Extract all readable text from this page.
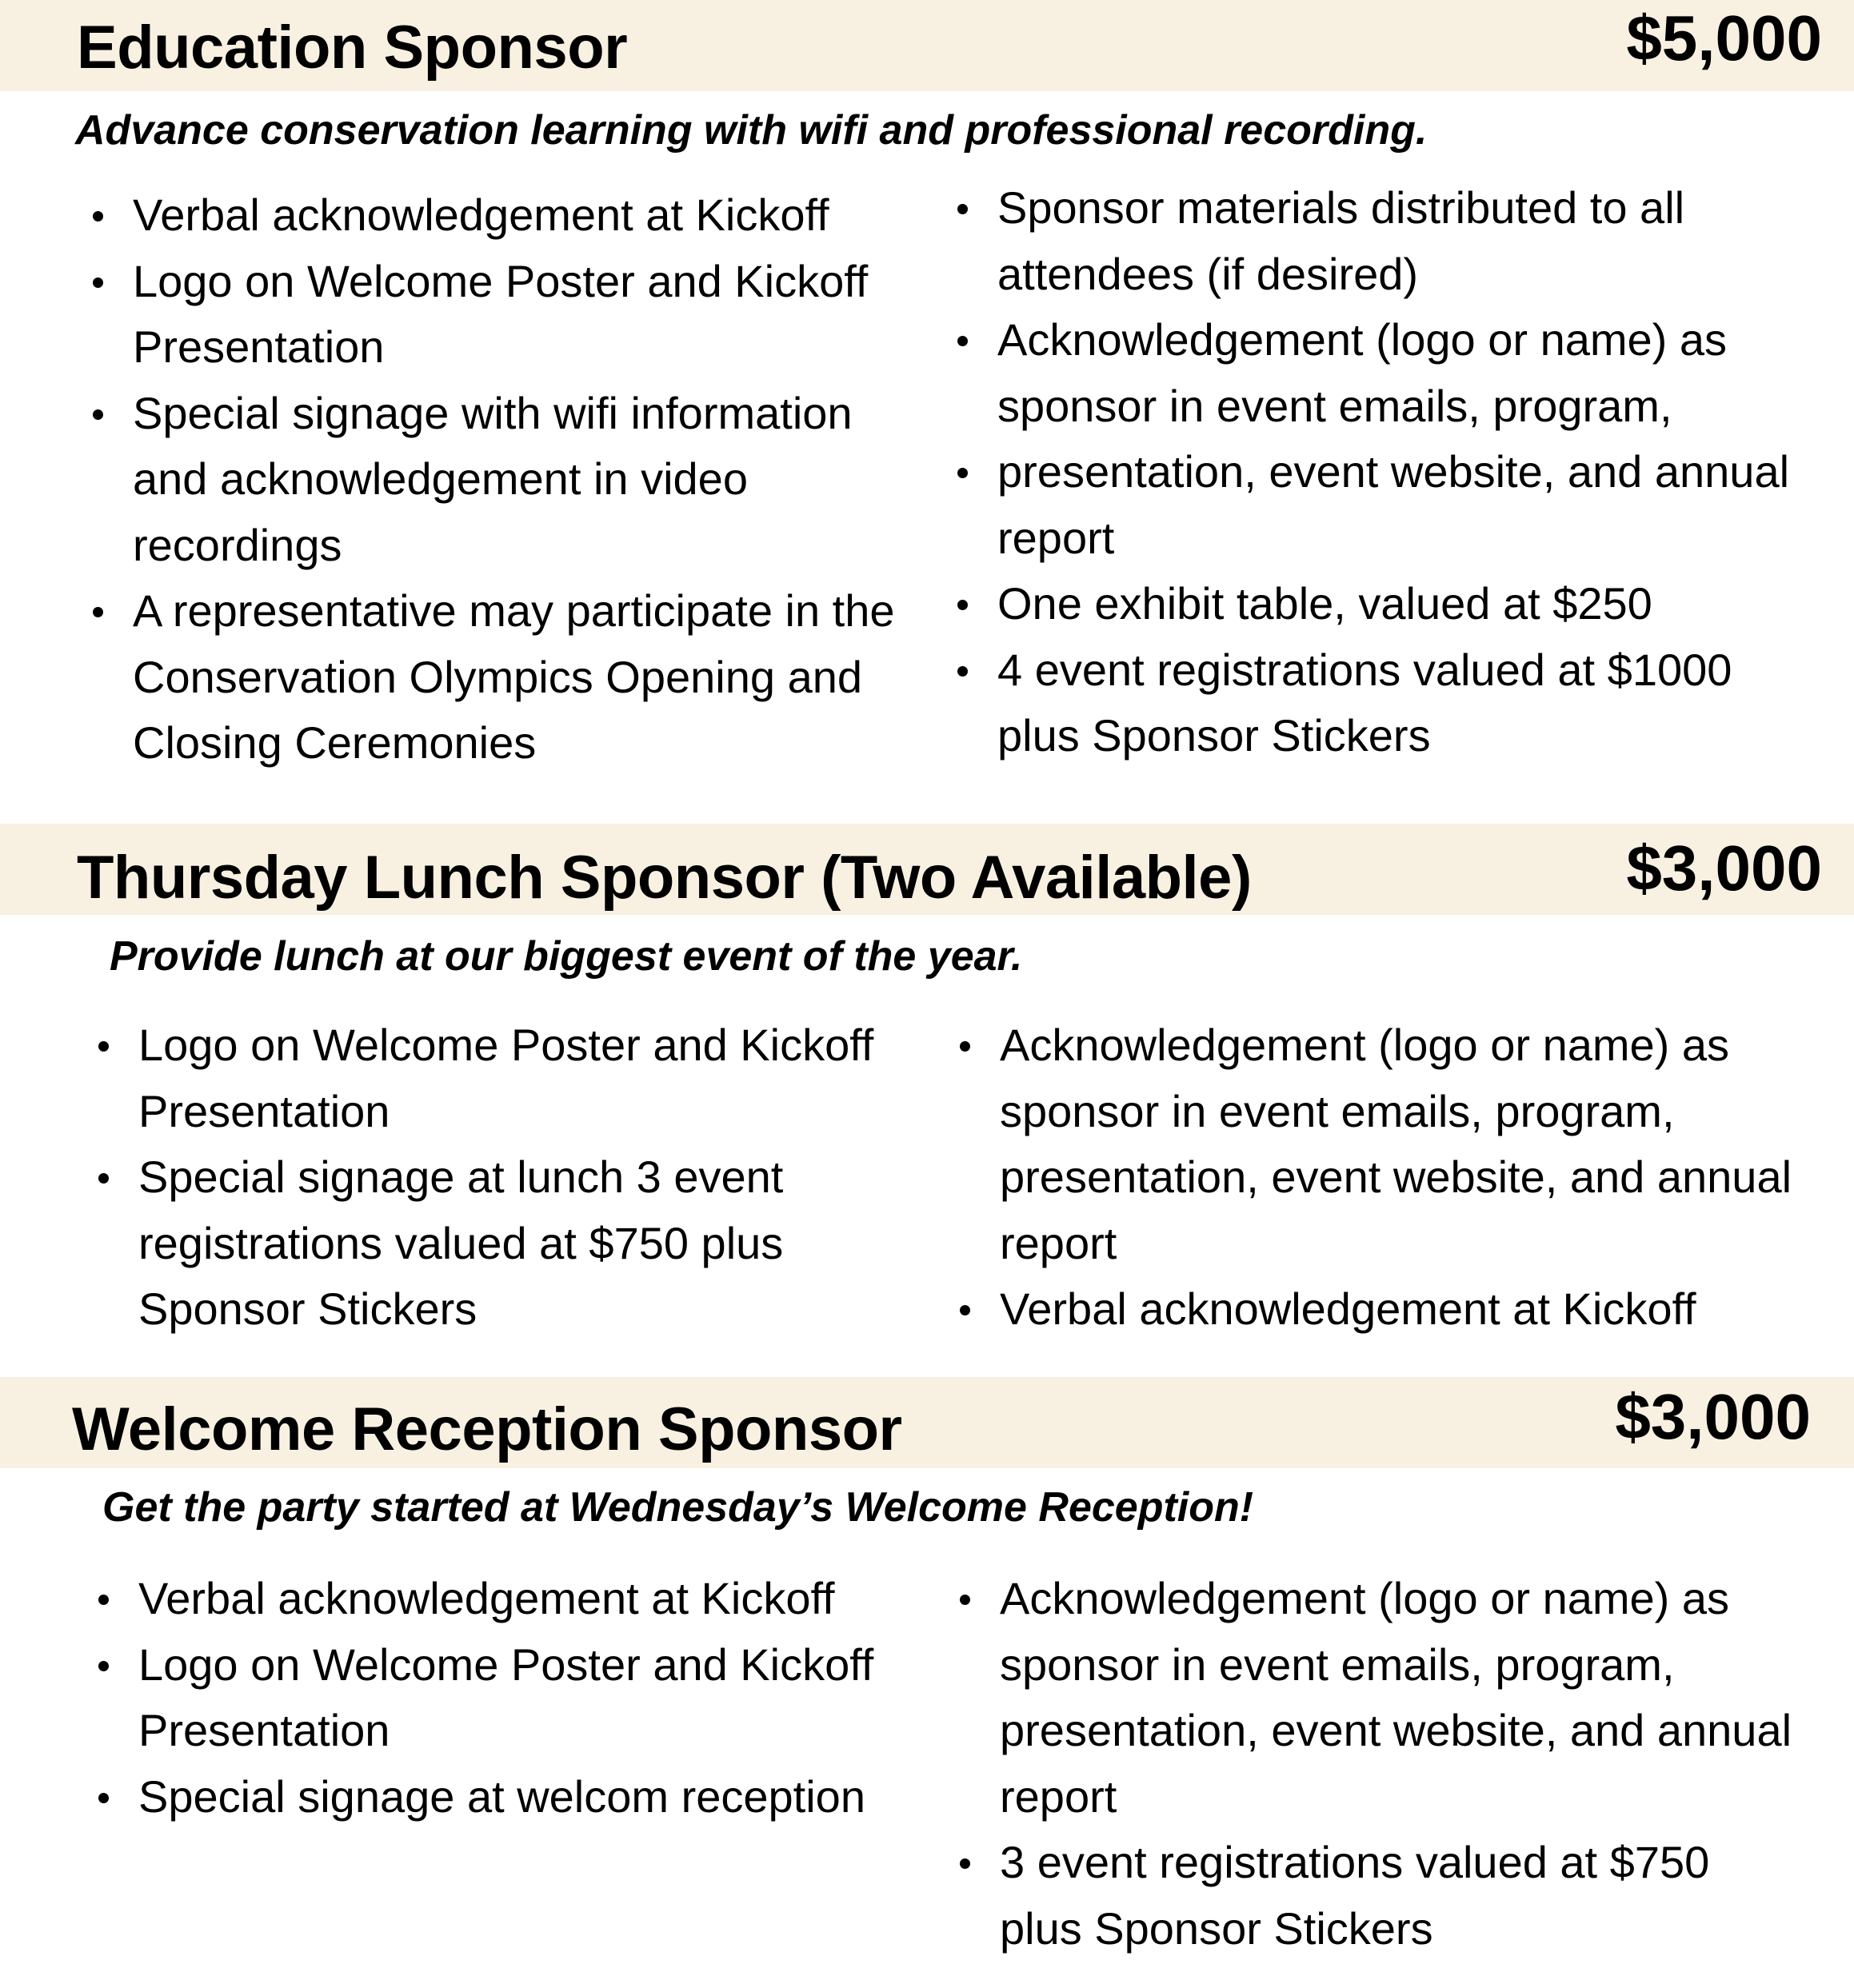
Education Sponsor	$5,000
Advance conservation learning with wifi and professional recording.
Verbal acknowledgement at Kickoff
Logo on Welcome Poster and Kickoff Presentation
Special signage with wifi information and acknowledgement in video recordings
A representative may participate in the Conservation Olympics Opening and Closing Ceremonies
Sponsor materials distributed to all attendees (if desired)
Acknowledgement (logo or name) as sponsor in event emails, program,
presentation, event website, and annual report
One exhibit table, valued at $250
4 event registrations valued at $1000 plus Sponsor Stickers
Thursday Lunch Sponsor (Two Available)	$3,000
Provide lunch at our biggest event of the year.
Logo on Welcome Poster and Kickoff Presentation
Special signage at lunch 3 event registrations valued at $750 plus Sponsor Stickers
Acknowledgement (logo or name) as sponsor in event emails, program, presentation, event website, and annual report
Verbal acknowledgement at Kickoff
Welcome Reception Sponsor	$3,000
Get the party started at Wednesday’s Welcome Reception!
Verbal acknowledgement at Kickoff
Logo on Welcome Poster and Kickoff Presentation
Special signage at welcom reception
Acknowledgement (logo or name) as sponsor in event emails, program, presentation, event website, and annual report
3 event registrations valued at $750 plus Sponsor Stickers
